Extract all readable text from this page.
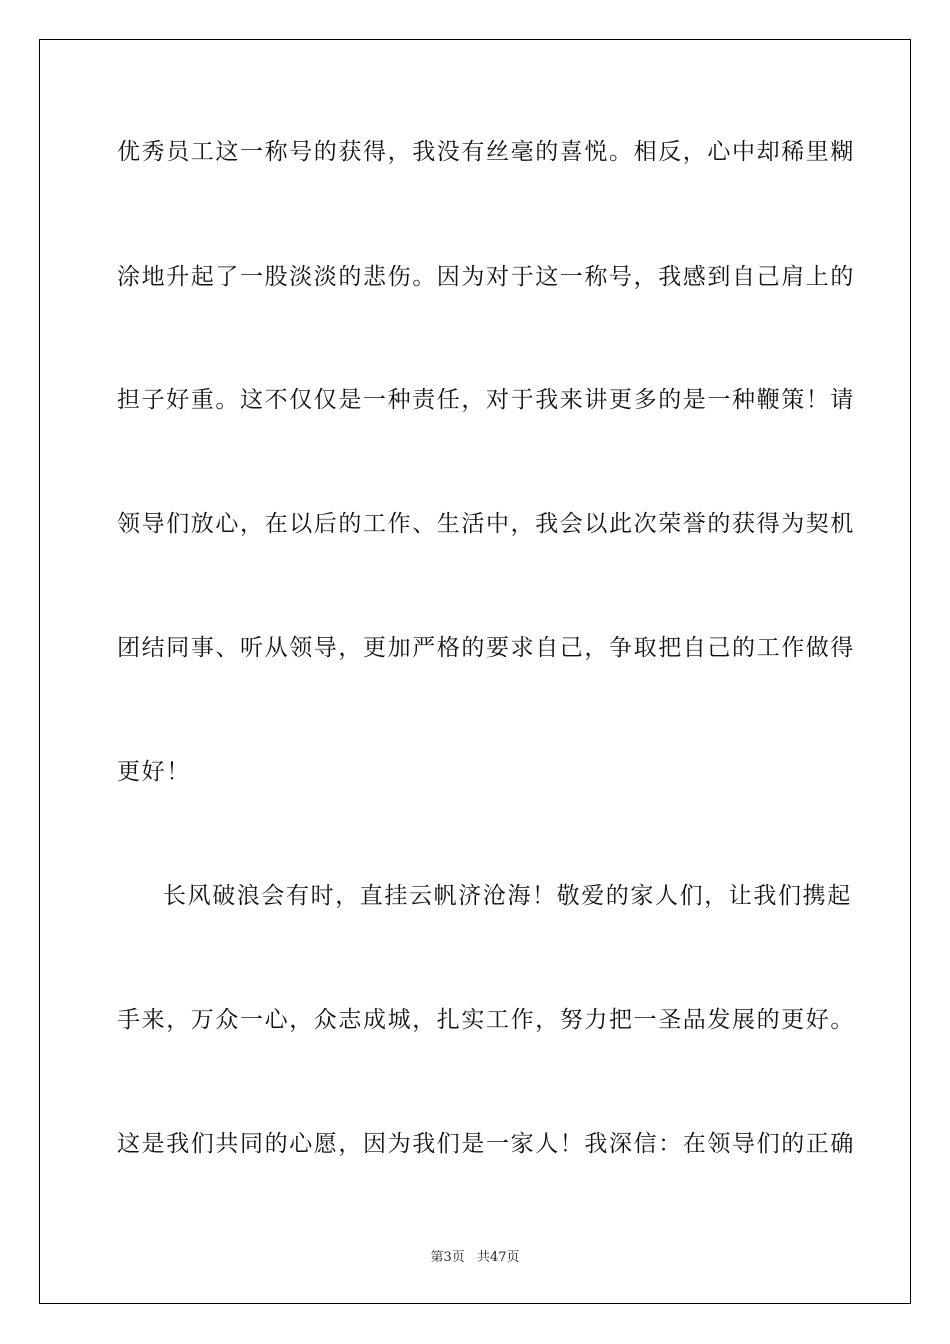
优秀员工这一称号的获得，我没有丝毫的喜悦。相反，心中却稀里糊
涂地升起了一股淡淡的悲伤。因为对于这一称号，我感到自己肩上的
担子好重。这不仅仅是一种责任，对于我来讲更多的是一种鞭策！请
领导们放心，在以后的工作、生活中，我会以此次荣誉的获得为契机
团结同事、听从领导，更加严格的要求自己，争取把自己的工作做得
更好！
长风破浪会有时，直挂云帆济沧海！敬爱的家人们，让我们携起
手来，万众一心，众志成城，扎实工作，努力把一圣品发展的更好。
这是我们共同的心愿，因为我们是一家人！我深信：在领导们的正确
第3页 共47页
